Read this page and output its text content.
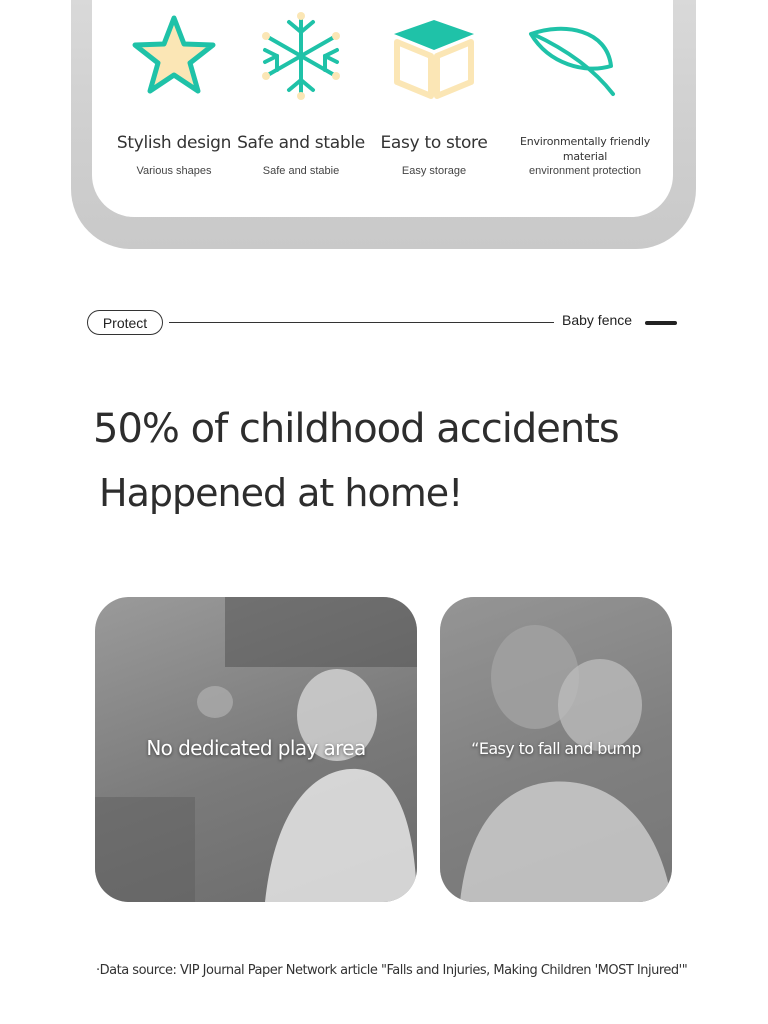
Stylish design
Various shapes
Safe and stable
Safe and stabie
Easy to store
Easy storage
Environmentally friendly material
environment protection
Protect	Baby fence
50% of childhood accidents
Happened at home!
No dedicated play area	“Easy to fall and bump
·Data source: VIP Journal Paper Network article "Falls and Injuries, Making Children 'MOST Injured'"
